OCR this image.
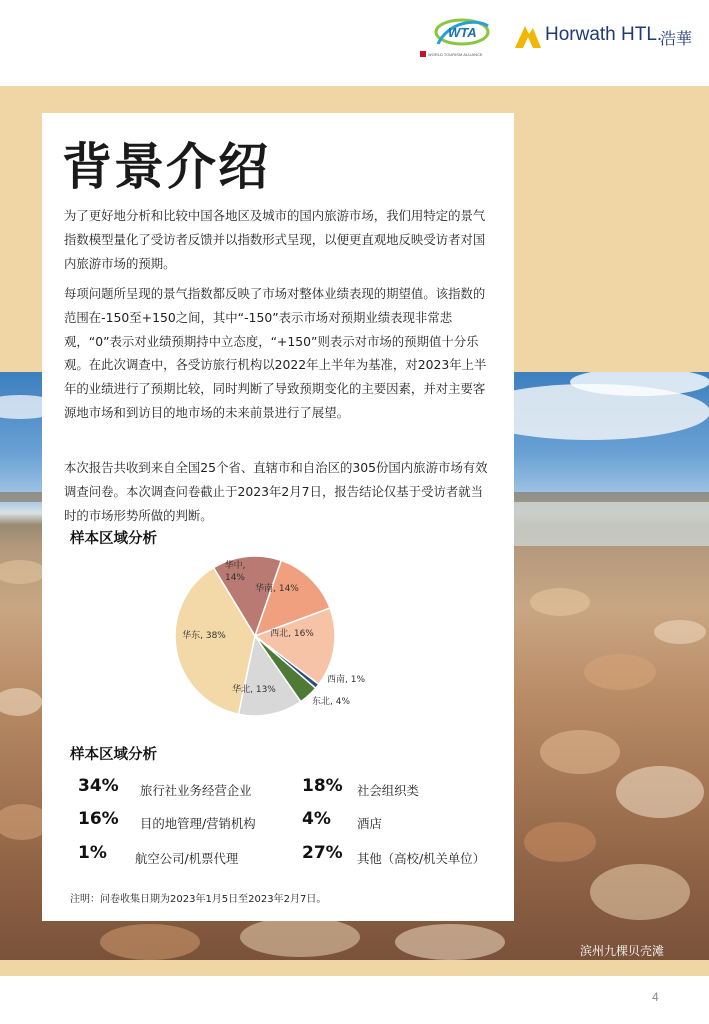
WTA
WORLD TOURISM ALLIANCE
Horwath HTL.
浩華
滨州九棵贝壳滩
背景介绍

为了更好地分析和比较中国各地区及城市的国内旅游市场，我们用特定的景气指数模型量化了受访者反馈并以指数形式呈现，以便更直观地反映受访者对国内旅游市场的预期。

每项问题所呈现的景气指数都反映了市场对整体业绩表现的期望值。该指数的范围在-150至+150之间，其中“-150”表示市场对预期业绩表现非常悲观，“0”表示对业绩预期持中立态度，“+150”则表示对市场的预期值十分乐观。在此次调查中，各受访旅行机构以2022年上半年为基准，对2023年上半年的业绩进行了预期比较，同时判断了导致预期变化的主要因素，并对主要客源地市场和到访目的地市场的未来前景进行了展望。

本次报告共收到来自全国25个省、直辖市和自治区的305份国内旅游市场有效调查问卷。本次调查问卷截止于2023年2月7日，报告结论仅基于受访者就当时的市场形势所做的判断。

样本区域分析
华中, 14%
华南, 14%
西北, 16%
西南, 1%
东北, 4%
华北, 13%
华东, 38%
样本区域分析
34% 旅行社业务经营企业	18% 社会组织类
16% 目的地管理/营销机构	4% 酒店
1% 航空公司/机票代理	27% 其他（高校/机关单位）
注明：问卷收集日期为2023年1月5日至2023年2月7日。
4
